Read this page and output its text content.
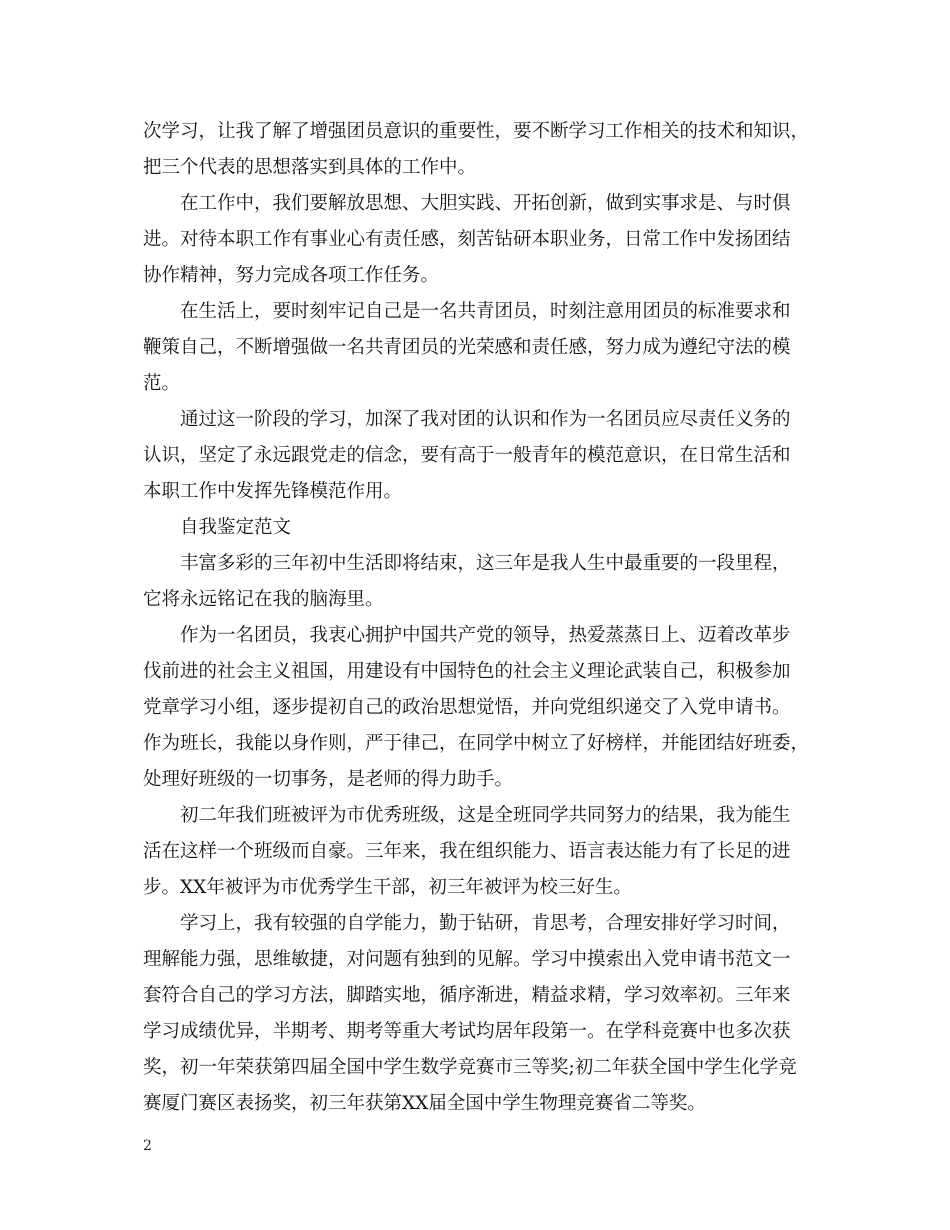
次学习，让我了解了增强团员意识的重要性，要不断学习工作相关的技术和知识，
把三个代表的思想落实到具体的工作中。
在工作中，我们要解放思想、大胆实践、开拓创新，做到实事求是、与时俱
进。对待本职工作有事业心有责任感，刻苦钻研本职业务，日常工作中发扬团结
协作精神，努力完成各项工作任务。
在生活上，要时刻牢记自己是一名共青团员，时刻注意用团员的标准要求和
鞭策自己，不断增强做一名共青团员的光荣感和责任感，努力成为遵纪守法的模
范。
通过这一阶段的学习，加深了我对团的认识和作为一名团员应尽责任义务的
认识，坚定了永远跟党走的信念，要有高于一般青年的模范意识，在日常生活和
本职工作中发挥先锋模范作用。
自我鉴定范文
丰富多彩的三年初中生活即将结束，这三年是我人生中最重要的一段里程，
它将永远铭记在我的脑海里。
作为一名团员，我衷心拥护中国共产党的领导，热爱蒸蒸日上、迈着改革步
伐前进的社会主义祖国，用建设有中国特色的社会主义理论武装自己，积极参加
党章学习小组，逐步提初自己的政治思想觉悟，并向党组织递交了入党申请书。
作为班长，我能以身作则，严于律己，在同学中树立了好榜样，并能团结好班委，
处理好班级的一切事务，是老师的得力助手。
初二年我们班被评为市优秀班级，这是全班同学共同努力的结果，我为能生
活在这样一个班级而自豪。三年来，我在组织能力、语言表达能力有了长足的进
步。XX年被评为市优秀学生干部，初三年被评为校三好生。
学习上，我有较强的自学能力，勤于钻研，肯思考，合理安排好学习时间，
理解能力强，思维敏捷，对问题有独到的见解。学习中摸索出入党申请书范文一
套符合自己的学习方法，脚踏实地，循序渐进，精益求精，学习效率初。三年来
学习成绩优异，半期考、期考等重大考试均居年段第一。在学科竞赛中也多次获
奖，初一年荣获第四届全国中学生数学竞赛市三等奖;初二年获全国中学生化学竞
赛厦门赛区表扬奖，初三年获第XX届全国中学生物理竞赛省二等奖。
2
